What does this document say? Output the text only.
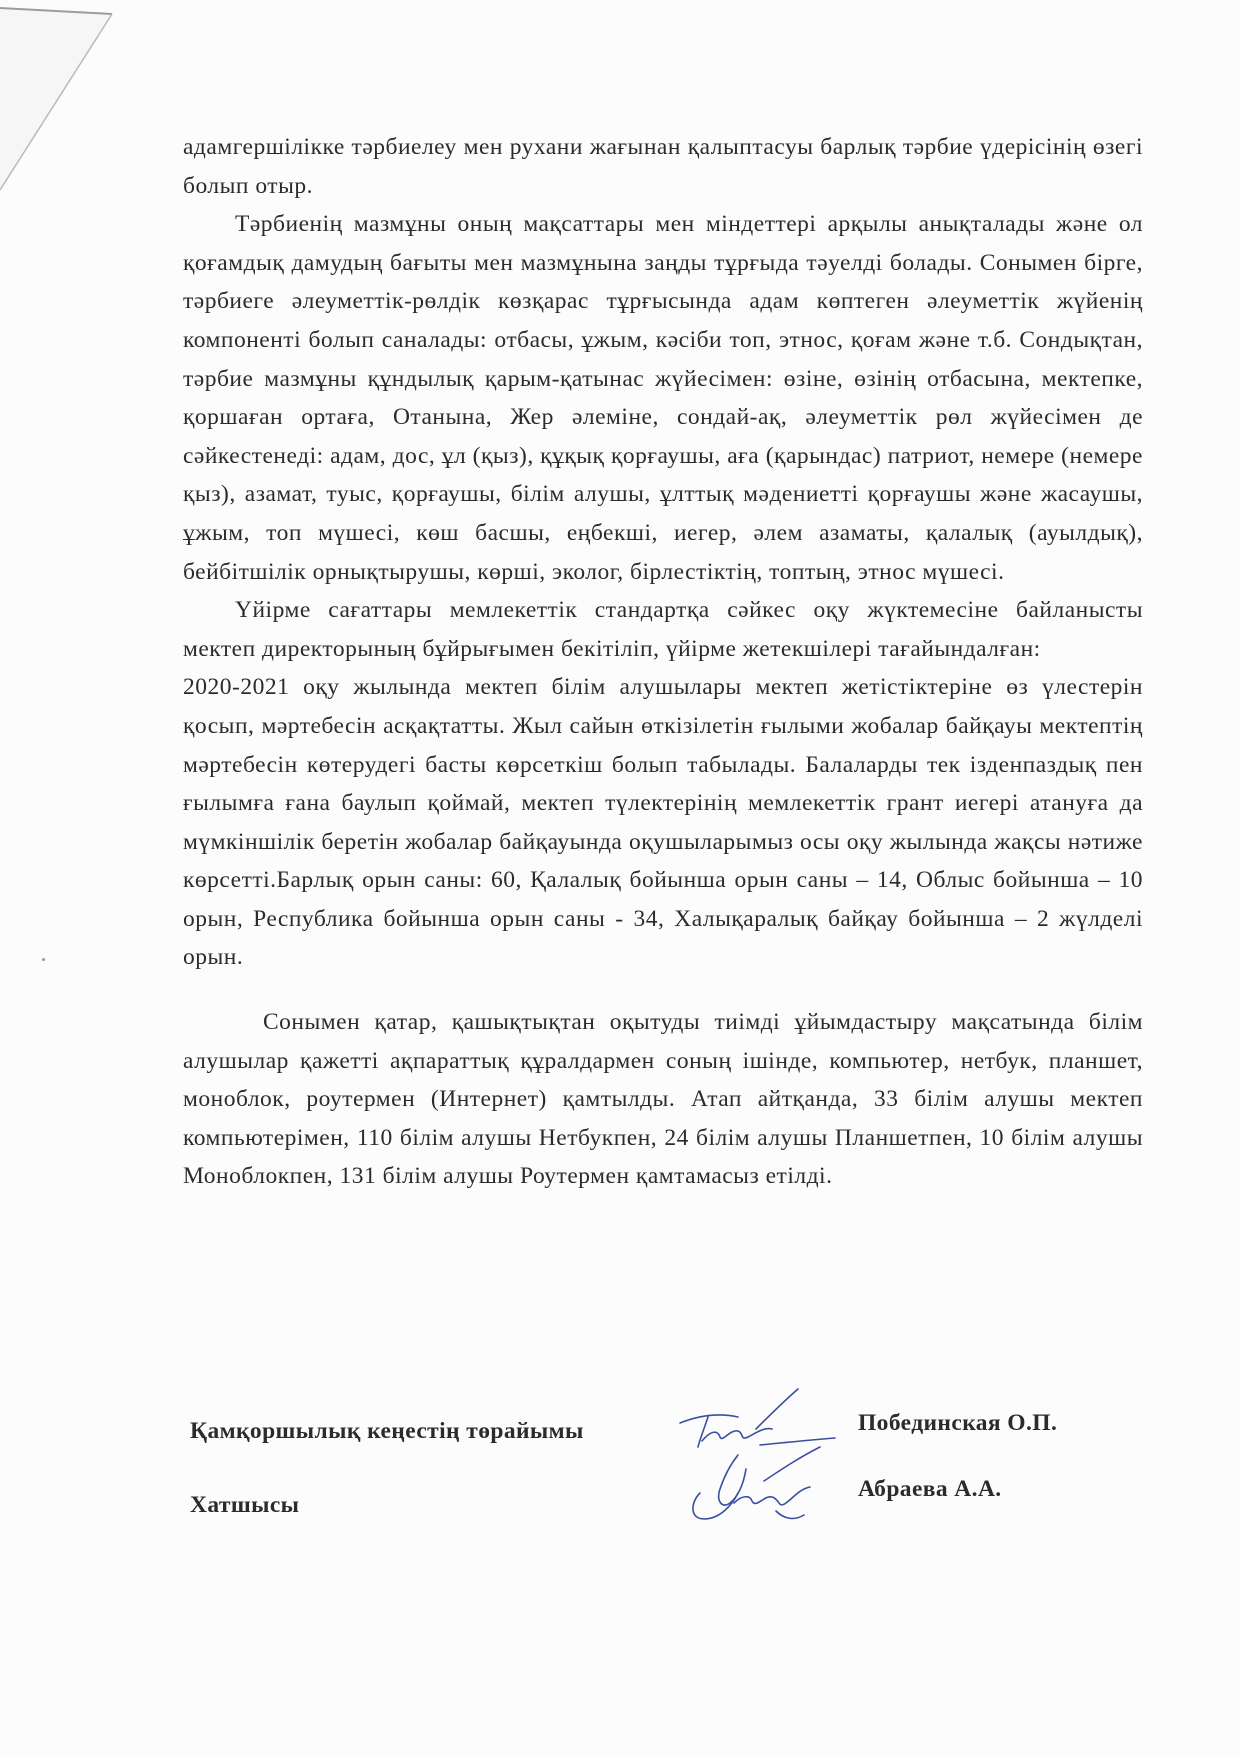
адамгершілікке тәрбиелеу мен рухани жағынан қалыптасуы барлық тәрбие үдерісінің өзегі болып отыр.

Тәрбиенің мазмұны оның мақсаттары мен міндеттері арқылы анықталады және ол қоғамдық дамудың бағыты мен мазмұнына заңды тұрғыда тәуелді болады. Сонымен бірге, тәрбиеге әлеуметтік-рөлдік көзқарас тұрғысында адам көптеген әлеуметтік жүйенің компоненті болып саналады: отбасы, ұжым, кәсіби топ, этнос, қоғам және т.б. Сондықтан, тәрбие мазмұны құндылық қарым-қатынас жүйесімен: өзіне, өзінің отбасына, мектепке, қоршаған ортаға, Отанына, Жер әлеміне, сондай-ақ, әлеуметтік рөл жүйесімен де сәйкестенеді: адам, дос, ұл (қыз), құқық қорғаушы, аға (қарындас) патриот, немере (немере қыз), азамат, туыс, қорғаушы, білім алушы, ұлттық мәдениетті қорғаушы және жасаушы, ұжым, топ мүшесі, көш басшы, еңбекші, иегер, әлем азаматы, қалалық (ауылдық), бейбітшілік орнықтырушы, көрші, эколог, бірлестіктің, топтың, этнос мүшесі.

Үйірме сағаттары мемлекеттік стандартқа сәйкес оқу жүктемесіне байланысты мектеп директорының бұйрығымен бекітіліп, үйірме жетекшілері тағайындалған:

2020-2021 оқу жылында мектеп білім алушылары мектеп жетістіктеріне өз үлестерін қосып, мәртебесін асқақтатты. Жыл сайын өткізілетін ғылыми жобалар байқауы мектептің мәртебесін көтерудегі басты көрсеткіш болып табылады. Балаларды тек ізденпаздық пен ғылымға ғана баулып қоймай, мектеп түлектерінің мемлекеттік грант иегері атануға да мүмкіншілік беретін жобалар байқауында оқушыларымыз осы оқу жылында жақсы нәтиже көрсетті.Барлық орын саны: 60, Қалалық бойынша орын саны – 14, Облыс бойынша – 10 орын, Республика бойынша орын саны - 34, Халықаралық байқау бойынша – 2 жүлделі орын.

Сонымен қатар, қашықтықтан оқытуды тиімді ұйымдастыру мақсатында білім алушылар қажетті ақпараттық құралдармен соның ішінде, компьютер, нетбук, планшет, моноблок, роутермен (Интернет) қамтылды. Атап айтқанда, 33 білім алушы мектеп компьютерімен, 110 білім алушы Нетбукпен, 24 білім алушы Планшетпен, 10 білім алушы Моноблокпен, 131 білім алушы Роутермен қамтамасыз етілді.

Қамқоршылық кеңестің төрайымы
Хатшысы
Побединская О.П.
Абраева А.А.
